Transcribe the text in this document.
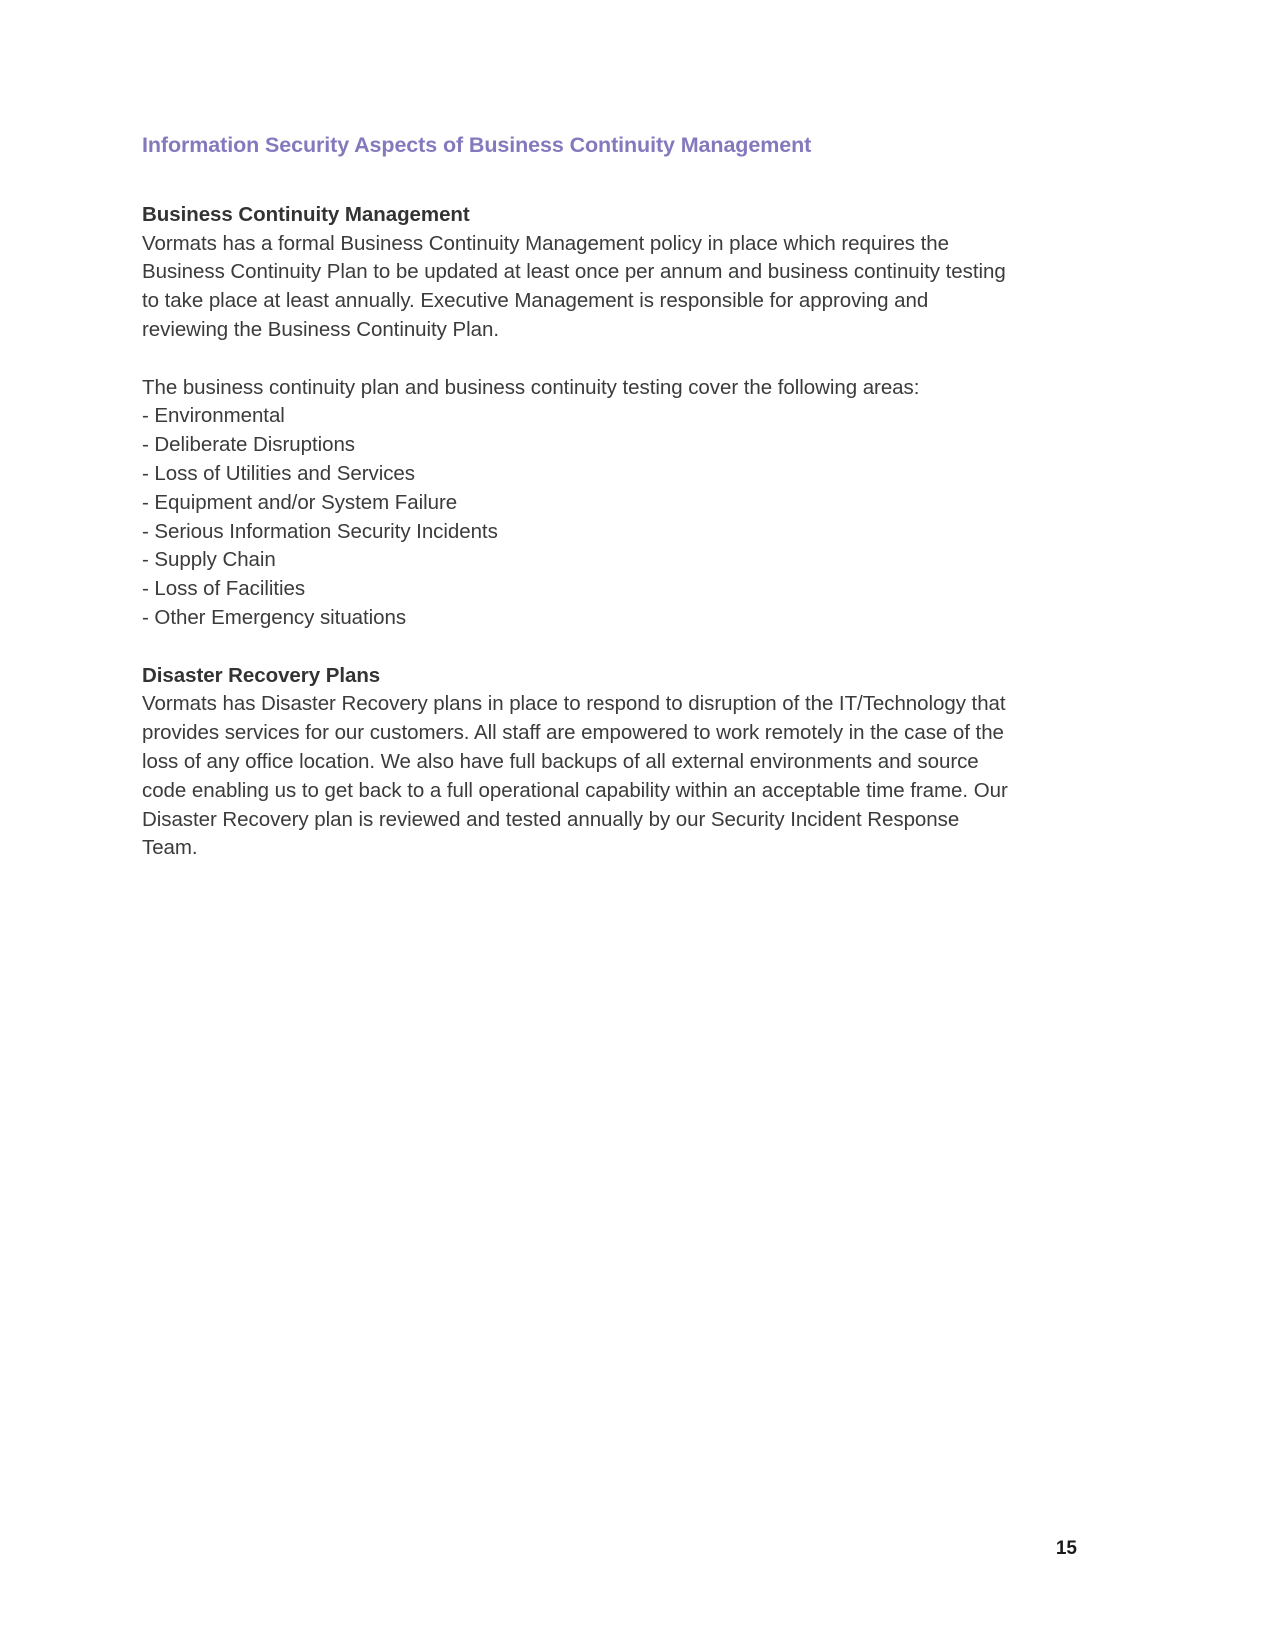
Information Security Aspects of Business Continuity Management
Business Continuity Management

Vormats has a formal Business Continuity Management policy in place which requires the
Business Continuity Plan to be updated at least once per annum and business continuity testing
to take place at least annually. Executive Management is responsible for approving and
reviewing the Business Continuity Plan.

The business continuity plan and business continuity testing cover the following areas:

- Environmental
- Deliberate Disruptions
- Loss of Utilities and Services
- Equipment and/or System Failure
- Serious Information Security Incidents
- Supply Chain
- Loss of Facilities
- Other Emergency situations
Disaster Recovery Plans

Vormats has Disaster Recovery plans in place to respond to disruption of the IT/Technology that
provides services for our customers. All staff are empowered to work remotely in the case of the
loss of any office location. We also have full backups of all external environments and source
code enabling us to get back to a full operational capability within an acceptable time frame. Our
Disaster Recovery plan is reviewed and tested annually by our Security Incident Response
Team.

15
